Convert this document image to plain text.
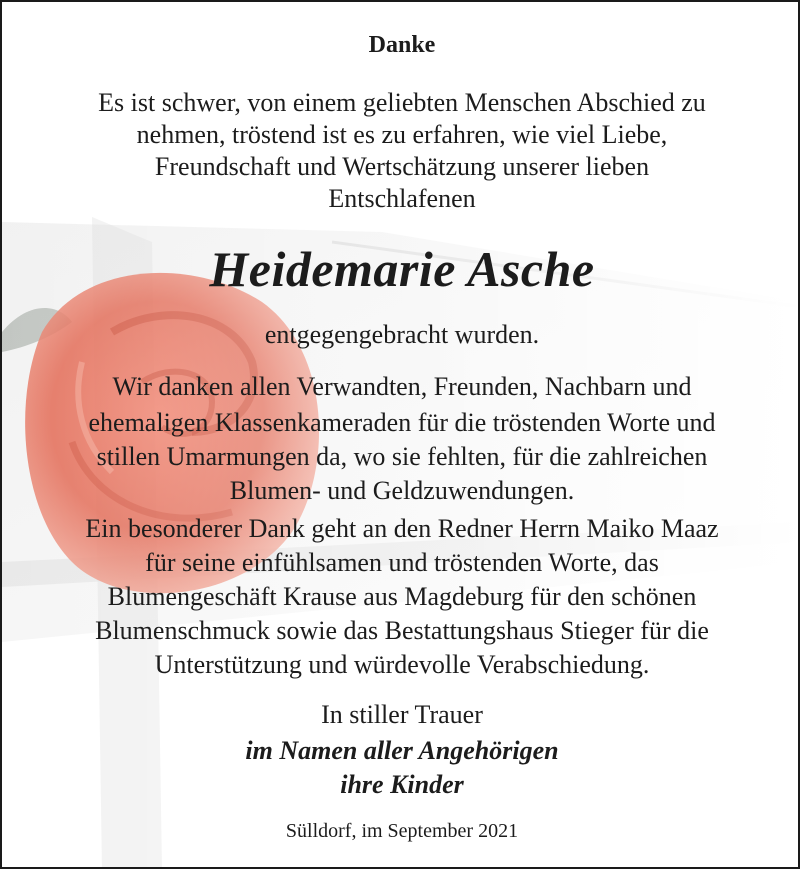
Danke
Es ist schwer, von einem geliebten Menschen Abschied zu
nehmen, tröstend ist es zu erfahren, wie viel Liebe,
Freundschaft und Wertschätzung unserer lieben
Entschlafenen
Heidemarie Asche
entgegengebracht wurden.
Wir danken allen Verwandten, Freunden, Nachbarn und
ehemaligen Klassenkameraden für die tröstenden Worte und
stillen Umarmungen da, wo sie fehlten, für die zahlreichen
Blumen- und Geldzuwendungen.
Ein besonderer Dank geht an den Redner Herrn Maiko Maaz
für seine einfühlsamen und tröstenden Worte, das
Blumengeschäft Krause aus Magdeburg für den schönen
Blumenschmuck sowie das Bestattungshaus Stieger für die
Unterstützung und würdevolle Verabschiedung.
In stiller Trauer
im Namen aller Angehörigen
ihre Kinder
Sülldorf, im September 2021
